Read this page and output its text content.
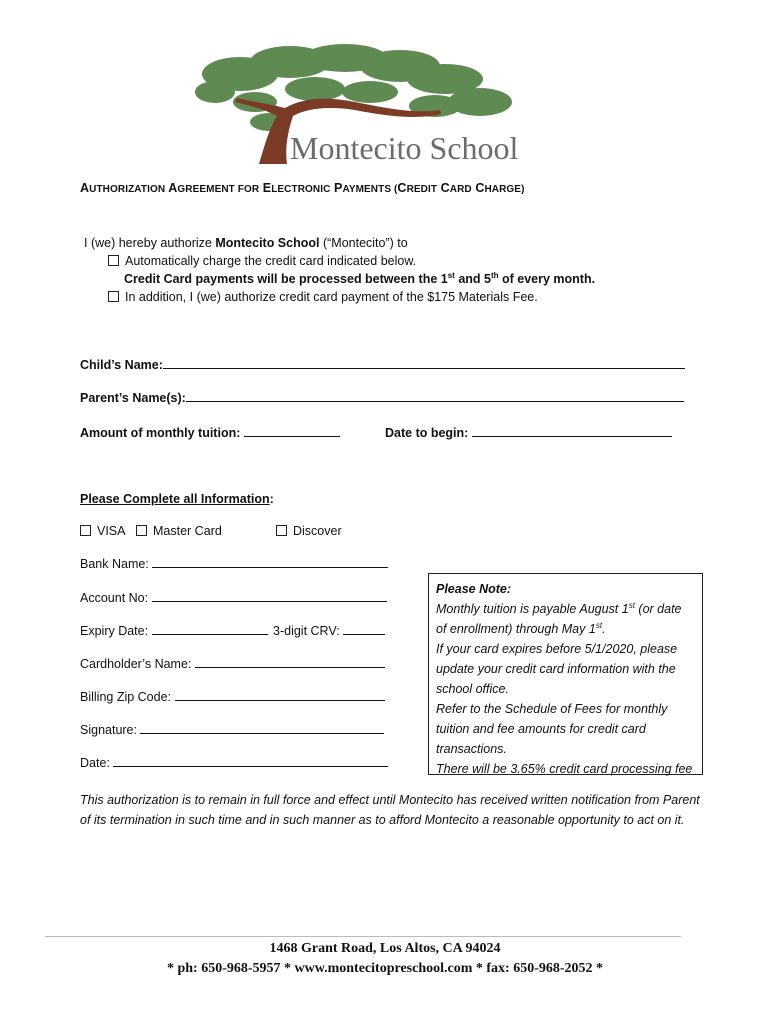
Montecito School
AUTHORIZATION AGREEMENT FOR ELECTRONIC PAYMENTS (CREDIT CARD CHARGE)
I (we) hereby authorize Montecito School (“Montecito”) to
Automatically charge the credit card indicated below.
Credit Card payments will be processed between the 1st and 5th of every month.
In addition, I (we) authorize credit card payment of the $175 Materials Fee.
Child’s Name:
Parent’s Name(s):
Amount of monthly tuition:	Date to begin:
Please Complete all Information:
VISA	Master Card	Discover
Bank Name:
Account No:
Expiry Date:	3-digit CRV:
Cardholder’s Name:
Billing Zip Code:
Signature:
Date:

Please Note:

Monthly tuition is payable August 1st (or date of enrollment) through May 1st.

If your card expires before 5/1/2020, please update your credit card information with the school office.

Refer to the Schedule of Fees for monthly tuition and fee amounts for credit card transactions.

There will be 3.65% credit card processing fee

This authorization is to remain in full force and effect until Montecito has received written notification from Parent of its termination in such time and in such manner as to afford Montecito a reasonable opportunity to act on it.
1468 Grant Road, Los Altos, CA 94024
* ph: 650-968-5957 * www.montecitopreschool.com * fax: 650-968-2052 *
